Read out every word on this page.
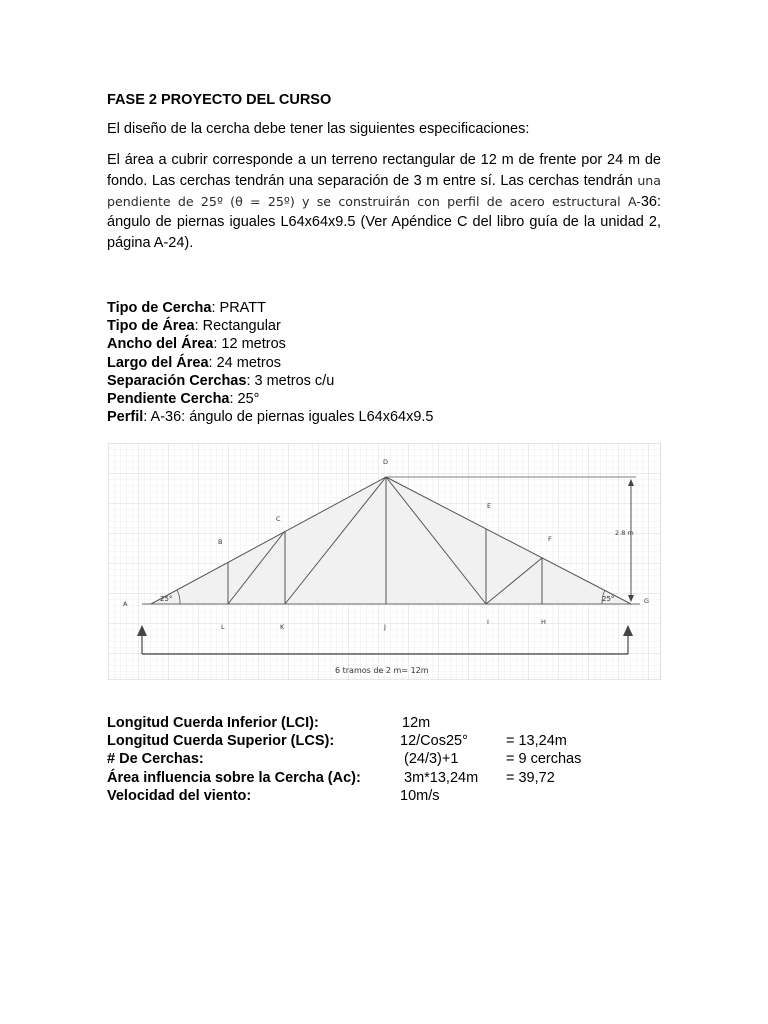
FASE 2 PROYECTO DEL CURSO

El diseño de la cercha debe tener las siguientes especificaciones:

El área a cubrir corresponde a un terreno rectangular de 12 m de frente por 24 m de fondo. Las cerchas tendrán una separación de 3 m entre sí. Las cerchas tendrán una pendiente de 25º (θ = 25º) y se construirán con perfil de acero estructural A-36: ángulo de piernas iguales L64x64x9.5 (Ver Apéndice C del libro guía de la unidad 2, página A-24).

Tipo de Cercha: PRATT
Tipo de Área: Rectangular
Ancho del Área: 12 metros
Largo del Área: 24 metros
Separación Cerchas: 3 metros c/u
Pendiente Cercha: 25°
Perfil: A-36: ángulo de piernas iguales L64x64x9.5
25°	25°
2.8 m
6 tramos de 2 m= 12m
A
B
C
D
E
F
G
H
I
J
K
L
Longitud Cuerda Inferior (LCI):	12m
Longitud Cuerda Superior (LCS):	12/Cos25°	= 13,24m
# De Cerchas:	(24/3)+1	= 9 cerchas
Área influencia sobre la Cercha (Ac):	3m*13,24m = 39,72
Velocidad del viento:	10m/s
